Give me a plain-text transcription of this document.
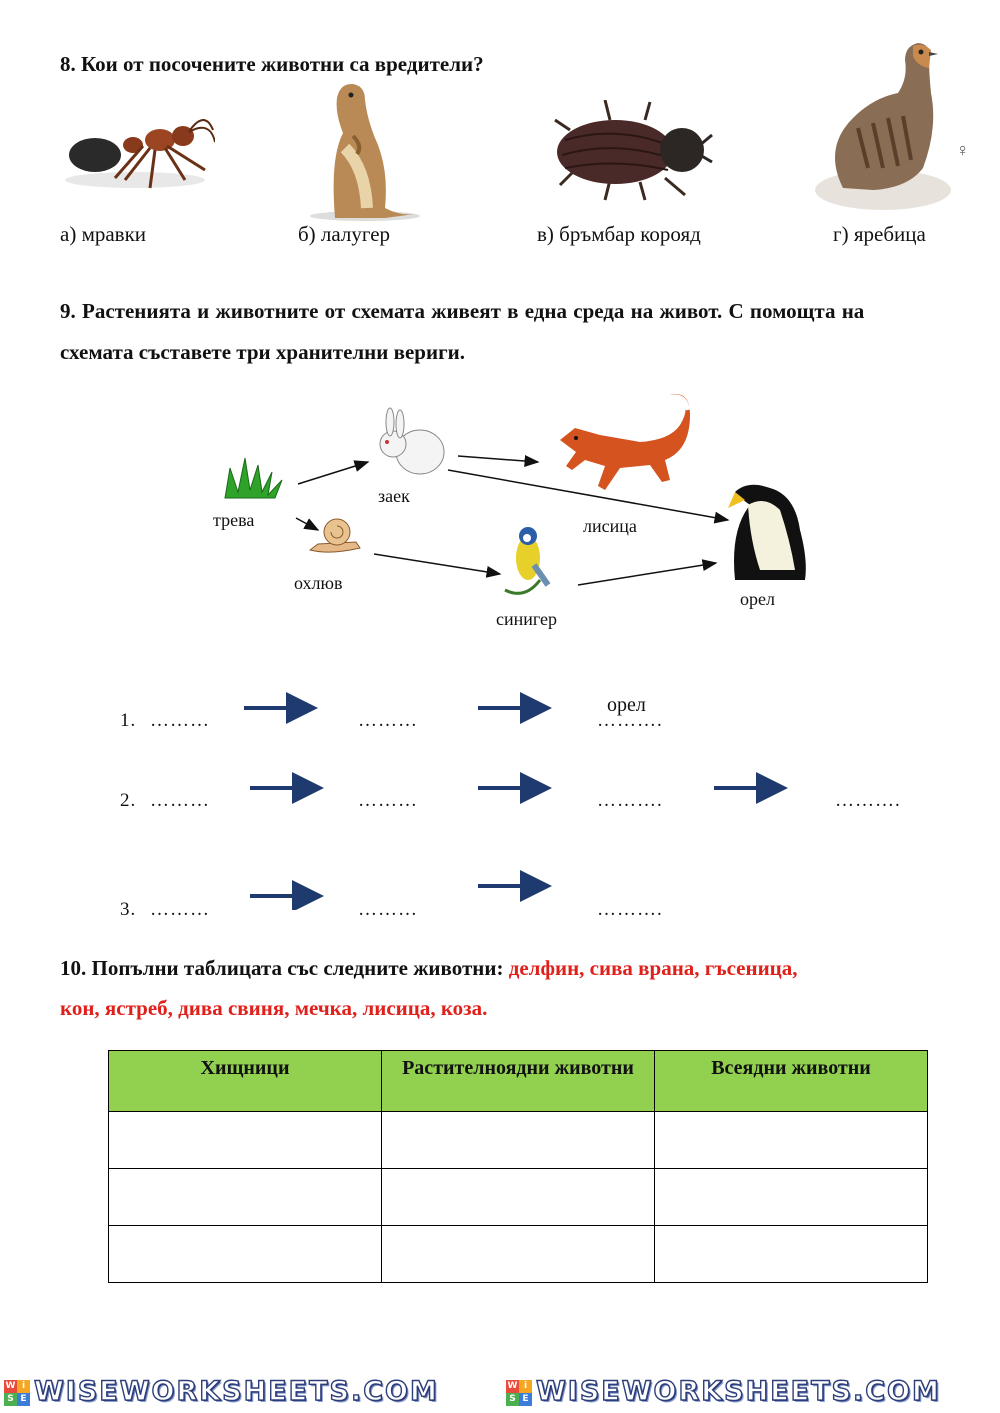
8. Кои от посочените животни са вредители?
♀
а) мравки	б) лалугер	в) бръмбар корояд	г) яребица
9. Растенията и животните от схемата живеят в една среда на живот. С помощта на
схемата съставете три хранителни вериги.
трева
заек
лисица
охлюв
синигер
орел
1. ………	………	……….
орел
2. ………	………	……….	……….
3. ………	………	……….
10. Попълни таблицата със следните животни: делфин, сива врана, гъсеница,
кон, ястреб, дива свиня, мечка, лисица, коза.
Хищници	Растителноядни животни	Всеядни животни

W i
S E WISEWORKSHEETS.COM	W i
S E WISEWORKSHEETS.COM
